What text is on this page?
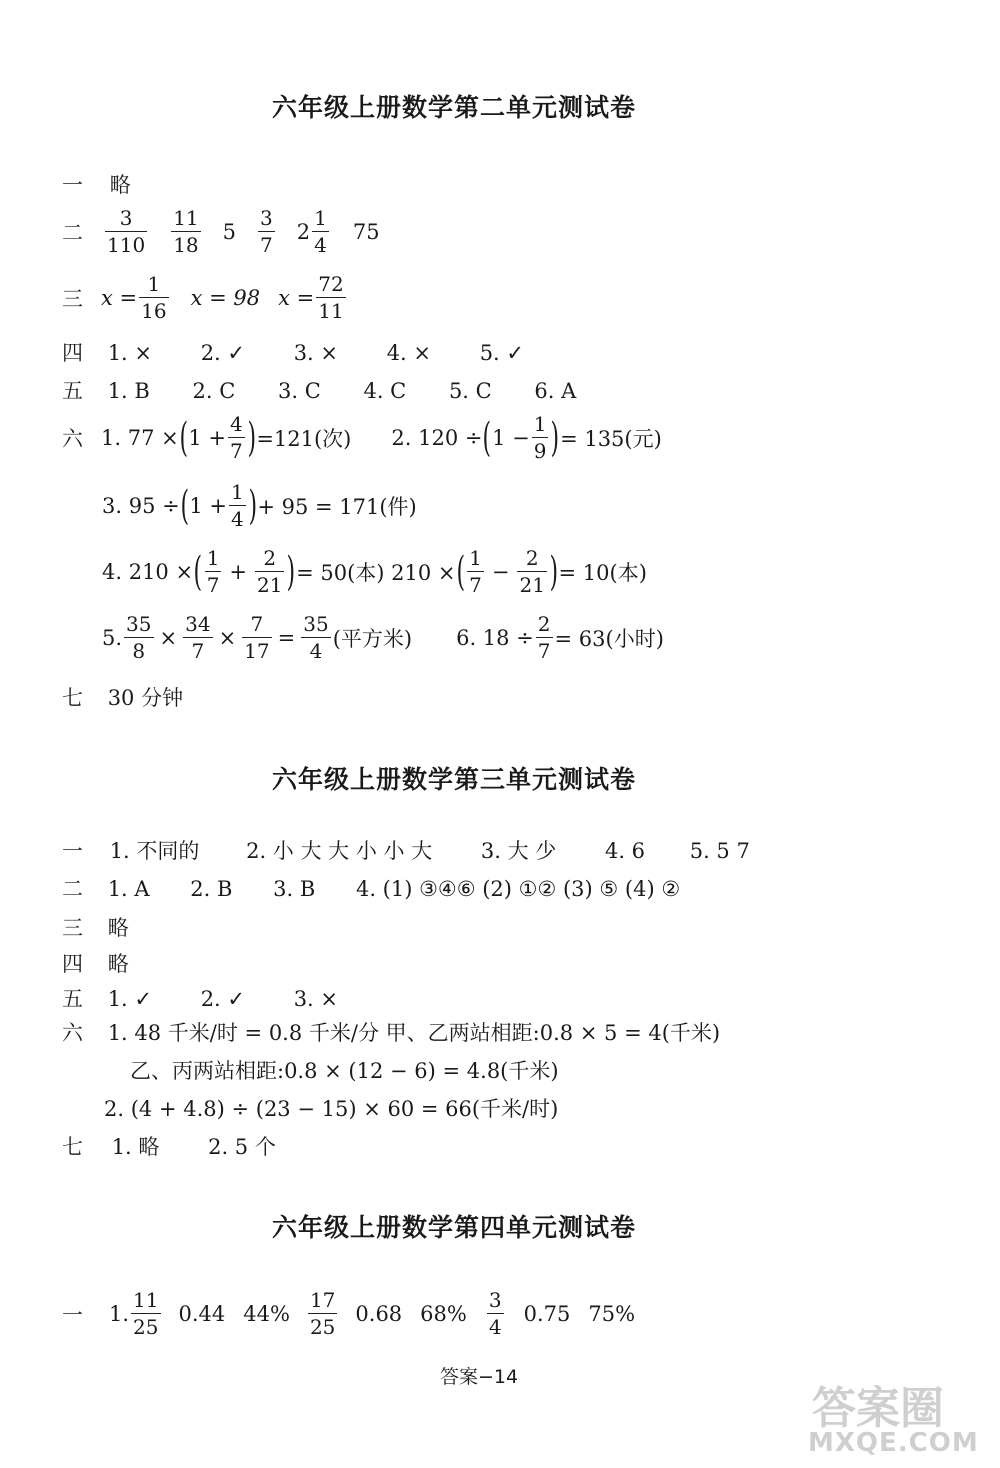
六年级上册数学第二单元测试卷
一 略
二 $\frac{3}{110} \frac{11}{18} 5 \frac{3}{7} 2 \frac{1}{4} 75$
三 $x = \frac{1}{16}$ x = 98 $x = \frac{72}{11}$
四 1. × 2. ✓ 3. × 4. × 5. ✓
五 1. B 2. C 3. C 4. C 5. C 6. A
六 1. 77 × ( $1 + \frac{4}{7}$ ) =121(次) 2. 120 ÷ ( $1 - \frac{1}{9}$ ) = 135(元)
3. 95 ÷ ( $1 + \frac{1}{4}$ ) + 95 = 171(件)
4. 210 × ( $\frac{1}{7} + \frac{2}{21}$ ) = 50(本) 210 × ( $\frac{1}{7} - \frac{2}{21}$ ) = 10(本)
5. $\frac{35}{8} \times \frac{34}{7} \times \frac{7}{17} = \frac{35}{4}$ (平方米) 6. $18 \div \frac{2}{7} = 63$(小时)
七 30 分钟
六年级上册数学第三单元测试卷
一 1. 不同的 2. 小 大 大 小 小 大 3. 大 少 4. 6 5. 5 7
二 1. A 2. B 3. B 4. (1) ③④⑥ (2) ①② (3) ⑤ (4) ②
三 略
四 略
五 1. ✓ 2. ✓ 3. ×
六 1. 48 千米/时 = 0.8 千米/分 甲、乙两站相距:0.8 × 5 = 4(千米)
乙、丙两站相距:0.8 × (12 − 6) = 4.8(千米)
2. (4 + 4.8) ÷ (23 − 15) × 60 = 66(千米/时)
七 1. 略 2. 5 个
六年级上册数学第四单元测试卷
一 1. $\frac{11}{25} 0.44$ $44\% \frac{17}{25} 0.68$ $68\% \frac{3}{4} 0.75$ 75%
答案−14
答案圈
MXQE.COM
